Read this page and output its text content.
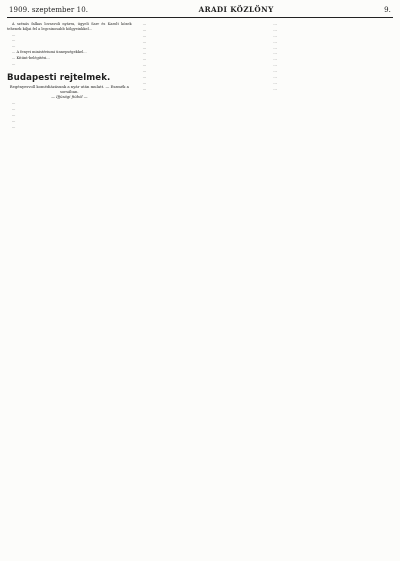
1909. szeptember 10.	ARADI KÖZLÖNY	9.

A szénás falkas lovasvoli nyárra, ügyeli Sarr és Karolt közek tehenek kiljai fel a legcsinosabb hölgyeinkkel...

...

...

...

... A fenyvi ministériumi ünnepségekkel...

... Kitünt-belégitési...

...

Budapesti rejtelmek.
Regényesvoll komédiázásunk a nyár után mulatt. — Eszmék a sorsában.
— Ifjúsági fiúból —

...

...

...

...

...

...

...

...

...

...

...

...

...

...

...

...

...

...

...

...

...

...

...

...

...

...

...

...

...
